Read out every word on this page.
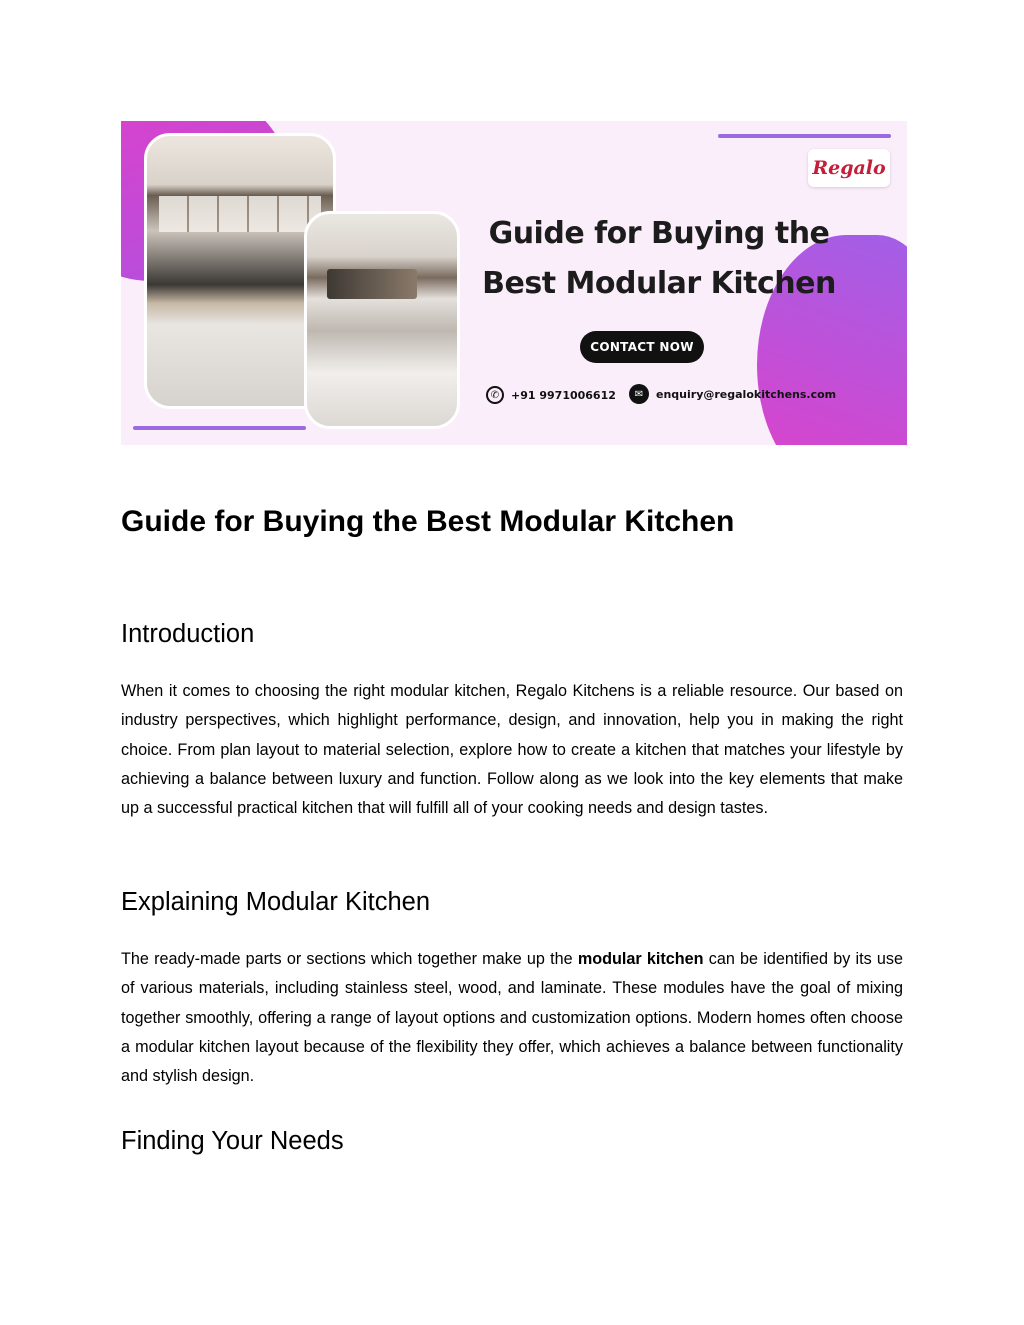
Regalo
Guide for Buying the
Best Modular Kitchen
CONTACT NOW
✆	+91 9971006612	✉	enquiry@regalokitchens.com
Guide for Buying the Best Modular Kitchen
Introduction

When it comes to choosing the right modular kitchen, Regalo Kitchens is a reliable resource. Our based on industry perspectives, which highlight performance, design, and innovation, help you in making the right choice. From plan layout to material selection, explore how to create a kitchen that matches your lifestyle by achieving a balance between luxury and function. Follow along as we look into the key elements that make up a successful practical kitchen that will fulfill all of your cooking needs and design tastes.

Explaining Modular Kitchen

The ready-made parts or sections which together make up the modular kitchen can be identified by its use of various materials, including stainless steel, wood, and laminate. These modules have the goal of mixing together smoothly, offering a range of layout options and customization options. Modern homes often choose a modular kitchen layout because of the flexibility they offer, which achieves a balance between functionality and stylish design.

Finding Your Needs
